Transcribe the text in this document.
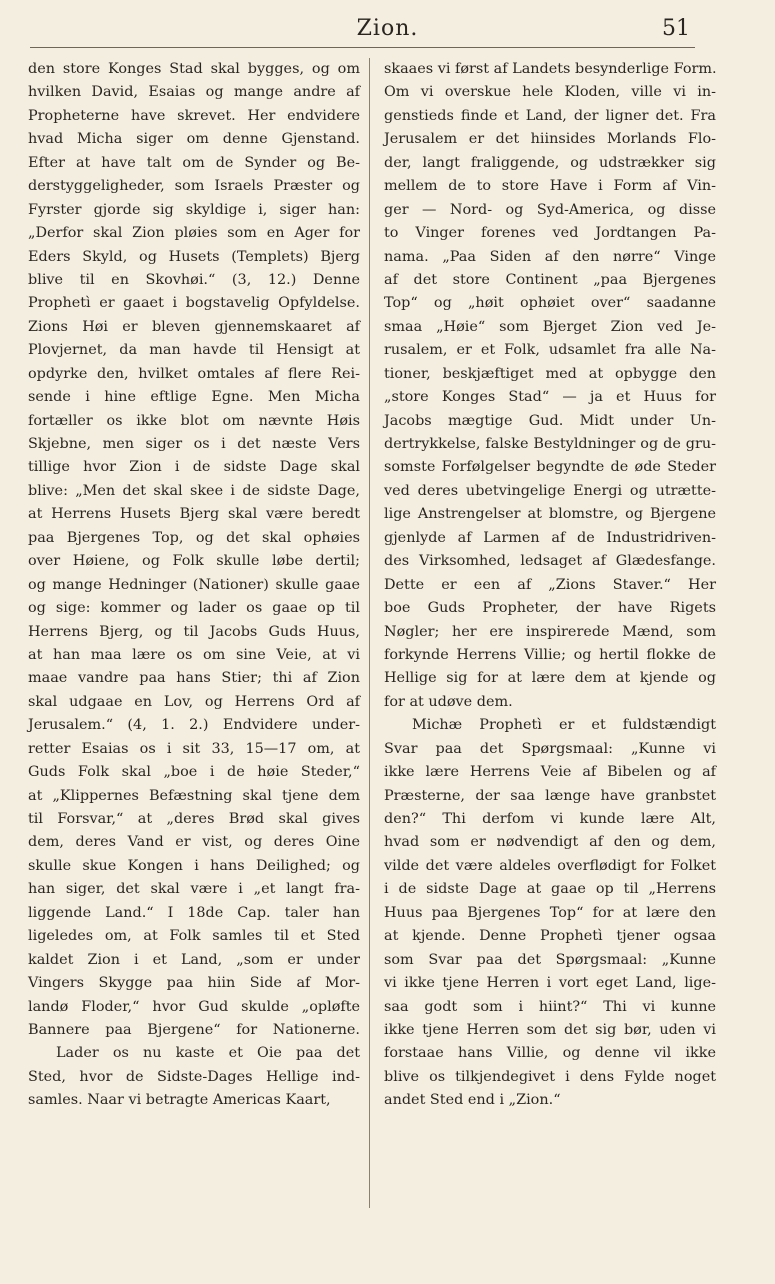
Zion.	51
den store Konges Stad skal bygges, og om
hvilken David, Esaias og mange andre af
Propheterne have skrevet. Her endvidere
hvad Micha siger om denne Gjenstand.
Efter at have talt om de Synder og Be-
derstyggeligheder, som Israels Præster og
Fyrster gjorde sig skyldige i, siger han:
„Derfor skal Zion pløies som en Ager for
Eders Skyld, og Husets (Templets) Bjerg
blive til en Skovhøi.“ (3, 12.) Denne
Prophetì er gaaet i bogstavelig Opfyldelse.
Zions Høi er bleven gjennemskaaret af
Plovjernet, da man havde til Hensigt at
opdyrke den, hvilket omtales af flere Rei-
sende i hine eftlige Egne. Men Micha
fortæller os ikke blot om nævnte Høis
Skjebne, men siger os i det næste Vers
tillige hvor Zion i de sidste Dage skal
blive: „Men det skal skee i de sidste Dage,
at Herrens Husets Bjerg skal være beredt
paa Bjergenes Top, og det skal ophøies
over Høiene, og Folk skulle løbe dertil;
og mange Hedninger (Nationer) skulle gaae
og sige: kommer og lader os gaae op til
Herrens Bjerg, og til Jacobs Guds Huus,
at han maa lære os om sine Veie, at vi
maae vandre paa hans Stier; thi af Zion
skal udgaae en Lov, og Herrens Ord af
Jerusalem.“ (4, 1. 2.) Endvidere under-
retter Esaias os i sit 33, 15—17 om, at
Guds Folk skal „boe i de høie Steder,“
at „Klippernes Befæstning skal tjene dem
til Forsvar,“ at „deres Brød skal gives
dem, deres Vand er vist, og deres Oine
skulle skue Kongen i hans Deilighed; og
han siger, det skal være i „et langt fra-
liggende Land.“ I 18de Cap. taler han
ligeledes om, at Folk samles til et Sted
kaldet Zion i et Land, „som er under
Vingers Skygge paa hiin Side af Mor-
landø Floder,“ hvor Gud skulde „opløfte
Bannere paa Bjergene“ for Nationerne.
Lader os nu kaste et Oie paa det
Sted, hvor de Sidste-Dages Hellige ind-
samles. Naar vi betragte Americas Kaart,
skaaes vi først af Landets besynderlige Form.
Om vi overskue hele Kloden, ville vi in-
genstieds finde et Land, der ligner det. Fra
Jerusalem er det hiinsides Morlands Flo-
der, langt fraliggende, og udstrækker sig
mellem de to store Have i Form af Vin-
ger — Nord- og Syd-America, og disse
to Vinger forenes ved Jordtangen Pa-
nama. „Paa Siden af den nørre“ Vinge
af det store Continent „paa Bjergenes
Top“ og „høit ophøiet over“ saadanne
smaa „Høie“ som Bjerget Zion ved Je-
rusalem, er et Folk, udsamlet fra alle Na-
tioner, beskjæftiget med at opbygge den
„store Konges Stad“ — ja et Huus for
Jacobs mægtige Gud. Midt under Un-
dertrykkelse, falske Bestyldninger og de gru-
somste Forfølgelser begyndte de øde Steder
ved deres ubetvingelige Energi og utrætte-
lige Anstrengelser at blomstre, og Bjergene
gjenlyde af Larmen af de Industridriven-
des Virksomhed, ledsaget af Glædesfange.
Dette er een af „Zions Staver.“ Her
boe Guds Propheter, der have Rigets
Nøgler; her ere inspirerede Mænd, som
forkynde Herrens Villie; og hertil flokke de
Hellige sig for at lære dem at kjende og
for at udøve dem.
Michæ Prophetì er et fuldstændigt
Svar paa det Spørgsmaal: „Kunne vi
ikke lære Herrens Veie af Bibelen og af
Præsterne, der saa længe have granbstet
den?“ Thi derfom vi kunde lære Alt,
hvad som er nødvendigt af den og dem,
vilde det være aldeles overflødigt for Folket
i de sidste Dage at gaae op til „Herrens
Huus paa Bjergenes Top“ for at lære den
at kjende. Denne Prophetì tjener ogsaa
som Svar paa det Spørgsmaal: „Kunne
vi ikke tjene Herren i vort eget Land, lige-
saa godt som i hiint?“ Thi vi kunne
ikke tjene Herren som det sig bør, uden vi
forstaae hans Villie, og denne vil ikke
blive os tilkjendegivet i dens Fylde noget
andet Sted end i „Zion.“
